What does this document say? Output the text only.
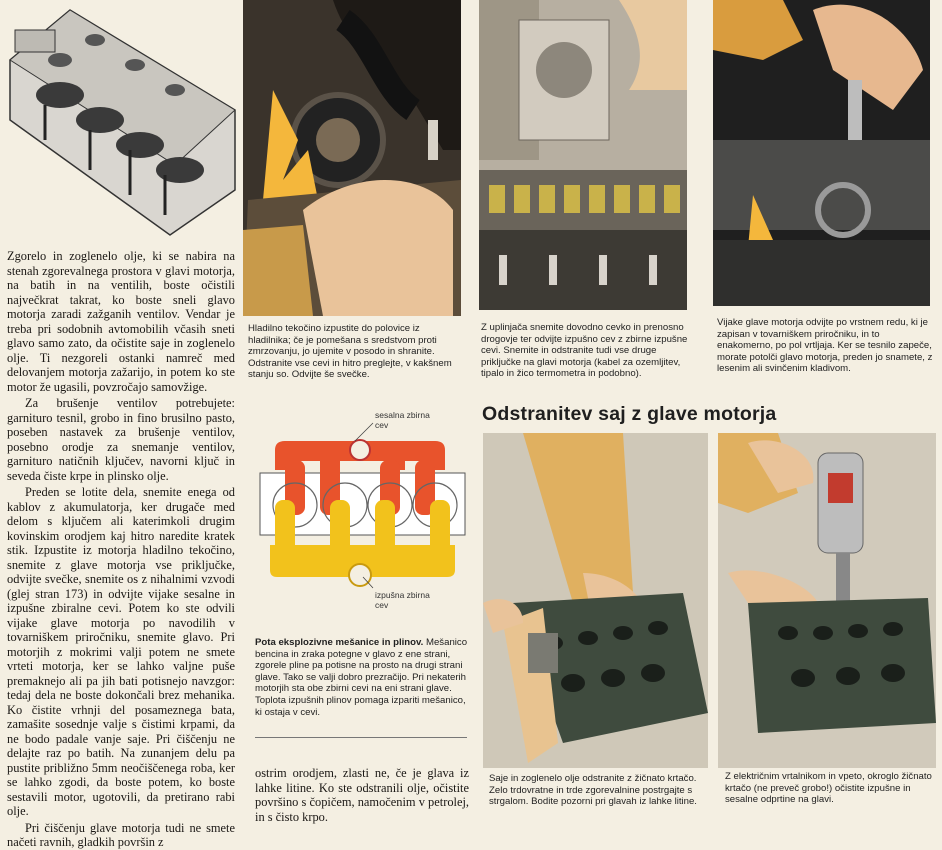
Zgorelo in zoglenelo olje, ki se nabira na stenah zgorevalnega prostora v glavi motorja, na batih in na ventilih, boste očistili največkrat takrat, ko boste sneli glavo motorja zaradi zažganih ventilov. Vendar je treba pri sodobnih avtomobilih včasih sneti glavo samo zato, da očistite saje in zoglenelo olje. Ti nezgoreli ostanki namreč med delovanjem motorja zažarijo, in potem ko ste motor že ugasili, povzročajo samovžige.

Za brušenje ventilov potrebujete: garnituro tesnil, grobo in fino brusilno pasto, poseben nastavek za brušenje ventilov, posebno orodje za snemanje ventilov, garnituro natičnih ključev, navorni ključ in seveda čiste krpe in plinsko olje.

Preden se lotite dela, snemite enega od kablov z akumulatorja, ker drugače med delom s ključem ali katerimkoli drugim kovinskim orodjem kaj hitro naredite kratek stik. Izpustite iz motorja hladilno tekočino, snemite z glave motorja vse priključke, odvijte svečke, snemite os z nihalnimi vzvodi (glej stran 173) in odvijte vijake sesalne in izpušne zbiralne cevi. Potem ko ste odvili vijake glave motorja po navodilih v tovarniškem priročniku, snemite glavo. Pri motorjih z mokrimi valji potem ne smete vrteti motorja, ker se lahko valjne puše premaknejo ali pa jih bati potisnejo navzgor: tedaj dela ne boste dokončali brez mehanika. Ko čistite vrhnji del posameznega bata, zamašite sosednje valje s čistimi krpami, da ne bodo padale vanje saje. Pri čiščenju ne delajte raz po batih. Na zunanjem delu pa pustite približno 5mm neočiščenega roba, ker se lahko zgodi, da boste potem, ko boste sestavili motor, ugotovili, da pretirano rabi olje.

Pri čiščenju glave motorja tudi ne smete načeti ravnih, gladkih površin z

Hladilno tekočino izpustite do polovice iz hladilnika; če je pomešana s sredstvom proti zmrzovanju, jo ujemite v posodo in shranite. Odstranite vse cevi in hitro preglejte, v kakšnem stanju so. Odvijte še svečke.
Z uplinjača snemite dovodno cevko in prenosno drogovje ter odvijte izpušno cev z zbirne izpušne cevi. Snemite in odstranite tudi vse druge priključke na glavi motorja (kabel za ozemljitev, tipalo in žico termometra in podobno).
Vijake glave motorja odvijte po vrstnem redu, ki je zapisan v tovarniškem priročniku, in to enakomerno, po pol vrtljaja. Ker se tesnilo zapeče, morate potolči glavo motorja, preden jo snamete, z lesenim ali svinčenim kladivom.
Odstranitev saj z glave motorja
sesalna zbirna cev
izpušna zbirna cev
Pota eksplozivne mešanice in plinov. Mešanico bencina in zraka potegne v glavo z ene strani, zgorele pline pa potisne na prosto na drugi strani glave. Tako se valji dobro prezračijo. Pri nekaterih motorjih sta obe zbirni cevi na eni strani glave. Toplota izpušnih plinov pomaga izpariti mešanico, ki ostaja v cevi.
ostrim orodjem, zlasti ne, če je glava iz lahke litine. Ko ste odstranili olje, očistite površino s čopičem, namočenim v petrolej, in s čisto krpo.
Saje in zoglenelo olje odstranite z žičnato krtačo. Zelo trdovratne in trde zgorevalnine postrgajte s strgalom. Bodite pozorni pri glavah iz lahke litine.
Z električnim vrtalnikom in vpeto, okroglo žičnato krtačo (ne preveč grobo!) očistite izpušne in sesalne odprtine na glavi.
